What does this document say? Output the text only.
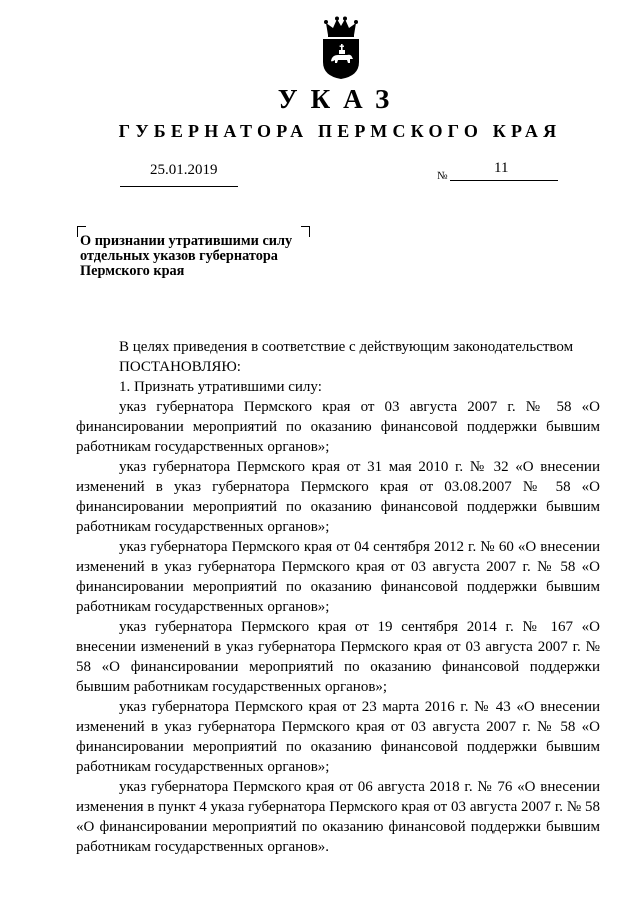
УКАЗ
ГУБЕРНАТОРА ПЕРМСКОГО КРАЯ
25.01.2019	№	11
О признании утратившими силу отдельных указов губернатора Пермского края

В целях приведения в соответствие с действующим законодательством

ПОСТАНОВЛЯЮ:

1. Признать утратившими силу:

указ губернатора Пермского края от 03 августа 2007 г. № 58 «О финансировании мероприятий по оказанию финансовой поддержки бывшим работникам государственных органов»;

указ губернатора Пермского края от 31 мая 2010 г. № 32 «О внесении изменений в указ губернатора Пермского края от 03.08.2007 № 58 «О финансировании мероприятий по оказанию финансовой поддержки бывшим работникам государственных органов»;

указ губернатора Пермского края от 04 сентября 2012 г. № 60 «О внесении изменений в указ губернатора Пермского края от 03 августа 2007 г. № 58 «О финансировании мероприятий по оказанию финансовой поддержки бывшим работникам государственных органов»;

указ губернатора Пермского края от 19 сентября 2014 г. № 167 «О внесении изменений в указ губернатора Пермского края от 03 августа 2007 г. № 58 «О финансировании мероприятий по оказанию финансовой поддержки бывшим работникам государственных органов»;

указ губернатора Пермского края от 23 марта 2016 г. № 43 «О внесении изменений в указ губернатора Пермского края от 03 августа 2007 г. № 58 «О финансировании мероприятий по оказанию финансовой поддержки бывшим работникам государственных органов»;

указ губернатора Пермского края от 06 августа 2018 г. № 76 «О внесении изменения в пункт 4 указа губернатора Пермского края от 03 августа 2007 г. № 58 «О финансировании мероприятий по оказанию финансовой поддержки бывшим работникам государственных органов».
